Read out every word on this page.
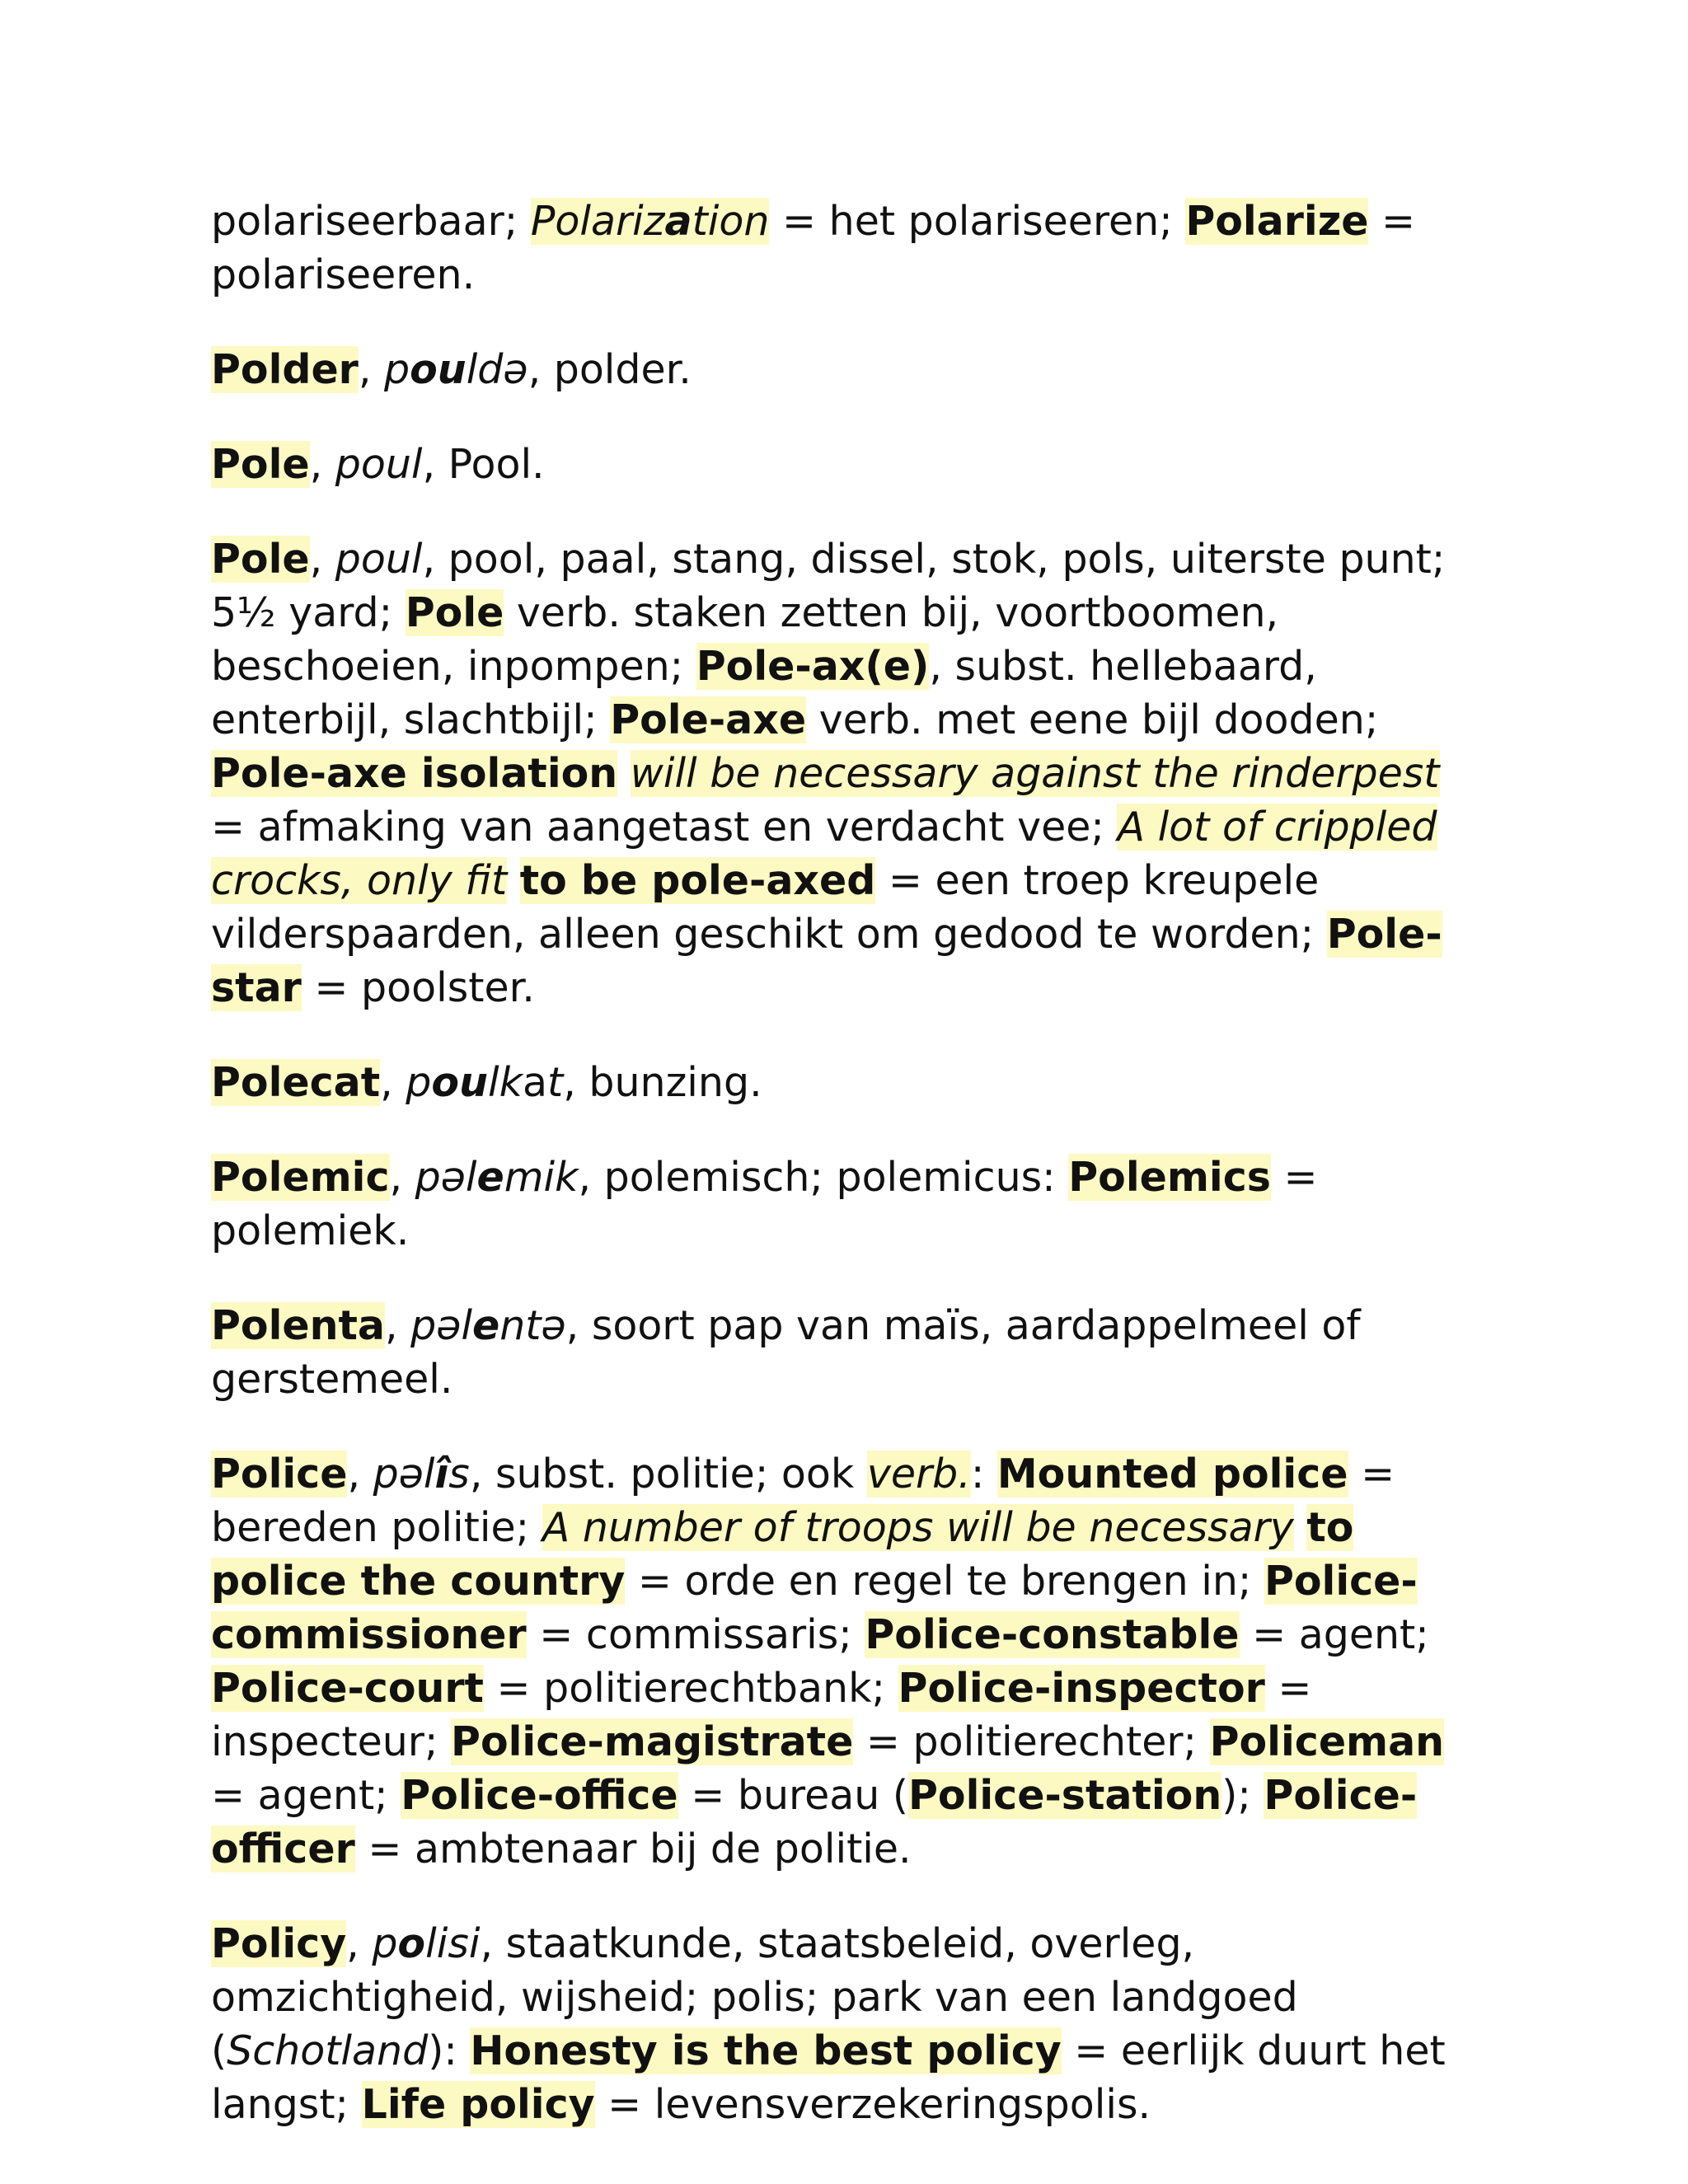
polariseerbaar; Polarization = het polariseeren; Polarize = polariseeren.

Polder, pouldə, polder.

Pole, poul, Pool.

Pole, poul, pool, paal, stang, dissel, stok, pols, uiterste punt; 5½ yard; Pole verb. staken zetten bij, voortboomen, beschoeien, inpompen; Pole-ax(e), subst. hellebaard, enterbijl, slachtbijl; Pole-axe verb. met eene bijl dooden; Pole-axe isolation will be necessary against the rinderpest = afmaking van aangetast en verdacht vee; A lot of crippled crocks, only fit to be pole-axed = een troep kreupele vilderspaarden, alleen geschikt om gedood te worden; Pole-star = poolster.

Polecat, poulkat, bunzing.

Polemic, pəlemik, polemisch; polemicus: Polemics = polemiek.

Polenta, pəlentə, soort pap van maïs, aardappelmeel of gerstemeel.

Police, pəlîs, subst. politie; ook verb.: Mounted police = bereden politie; A number of troops will be necessary to police the country = orde en regel te brengen in; Police-commissioner = commissaris; Police-constable = agent; Police-court = politierechtbank; Police-inspector = inspecteur; Police-magistrate = politierechter; Policeman = agent; Police-office = bureau (Police-station); Police-officer = ambtenaar bij de politie.

Policy, polisi, staatkunde, staatsbeleid, overleg, omzichtigheid, wijsheid; polis; park van een landgoed (Schotland): Honesty is the best policy = eerlijk duurt het langst; Life policy = levensverzekeringspolis.
